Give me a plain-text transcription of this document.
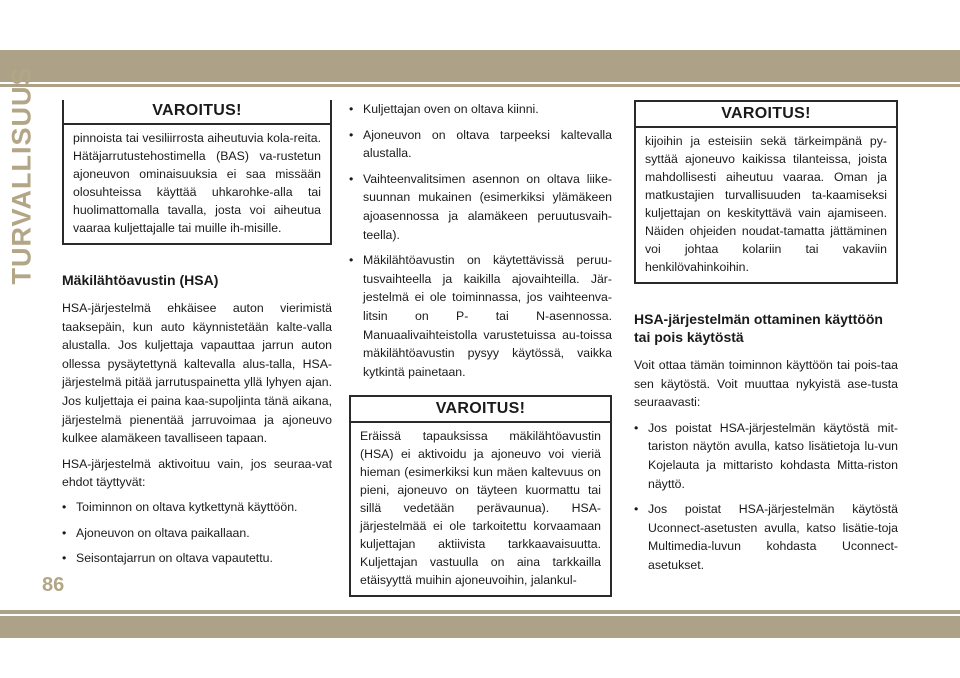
TURVALLISUUS
86
VAROITUS!
pinnoista tai vesiliirrosta aiheutuvia kola-reita. Hätäjarrutustehostimella (BAS) va-rustetun ajoneuvon ominaisuuksia ei saa missään olosuhteissa käyttää uhkarohke-alla tai huolimattomalla tavalla, josta voi aiheutua vaaraa kuljettajalle tai muille ih-misille.
Mäkilähtöavustin (HSA)

HSA-järjestelmä ehkäisee auton vierimistä taaksepäin, kun auto käynnistetään kalte-valla alustalla. Jos kuljettaja vapauttaa jarrun auton ollessa pysäytettynä kaltevalla alus-talla, HSA-järjestelmä pitää jarrutuspainetta yllä lyhyen ajan. Jos kuljettaja ei paina kaa-supoljinta tänä aikana, järjestelmä pienentää jarruvoimaa ja ajoneuvo kulkee alamäkeen tavalliseen tapaan.

HSA-järjestelmä aktivoituu vain, jos seuraa-vat ehdot täyttyvät:

• Toiminnon on oltava kytkettynä käyttöön.
• Ajoneuvon on oltava paikallaan.
• Seisontajarrun on oltava vapautettu.
• Kuljettajan oven on oltava kiinni.
• Ajoneuvon on oltava tarpeeksi kaltevalla alustalla.
• Vaihteenvalitsimen asennon on oltava liike-suunnan mukainen (esimerkiksi ylämäkeen ajoasennossa ja alamäkeen peruutusvaih-teella).
• Mäkilähtöavustin on käytettävissä peruu-tusvaihteella ja kaikilla ajovaihteilla. Jär-jestelmä ei ole toiminnassa, jos vaihteenva-litsin on P- tai N-asennossa. Manuaalivaihteistolla varustetuissa au-toissa mäkilähtöavustin pysyy käytössä, vaikka kytkintä painetaan.
VAROITUS!
Eräissä tapauksissa mäkilähtöavustin (HSA) ei aktivoidu ja ajoneuvo voi vieriä hieman (esimerkiksi kun mäen kaltevuus on pieni, ajoneuvo on täyteen kuormattu tai sillä vedetään perävaunua). HSA-järjestelmää ei ole tarkoitettu korvaamaan kuljettajan aktiivista tarkkaavaisuutta. Kuljettajan vastuulla on aina tarkkailla etäisyyttä muihin ajoneuvoihin, jalankul-
VAROITUS!
kijoihin ja esteisiin sekä tärkeimpänä py-syttää ajoneuvo kaikissa tilanteissa, joista mahdollisesti aiheutuu vaaraa. Oman ja matkustajien turvallisuuden ta-kaamiseksi kuljettajan on keskityttävä vain ajamiseen. Näiden ohjeiden noudat-tamatta jättäminen voi johtaa kolariin tai vakaviin henkilövahinkoihin.
HSA-järjestelmän ottaminen käyttöön tai pois käytöstä

Voit ottaa tämän toiminnon käyttöön tai pois-taa sen käytöstä. Voit muuttaa nykyistä ase-tusta seuraavasti:

• Jos poistat HSA-järjestelmän käytöstä mit-tariston näytön avulla, katso lisätietoja lu-vun Kojelauta ja mittaristo kohdasta Mitta-riston näyttö.
• Jos poistat HSA-järjestelmän käytöstä Uconnect-asetusten avulla, katso lisätie-toja Multimedia-luvun kohdasta Uconnect-asetukset.
